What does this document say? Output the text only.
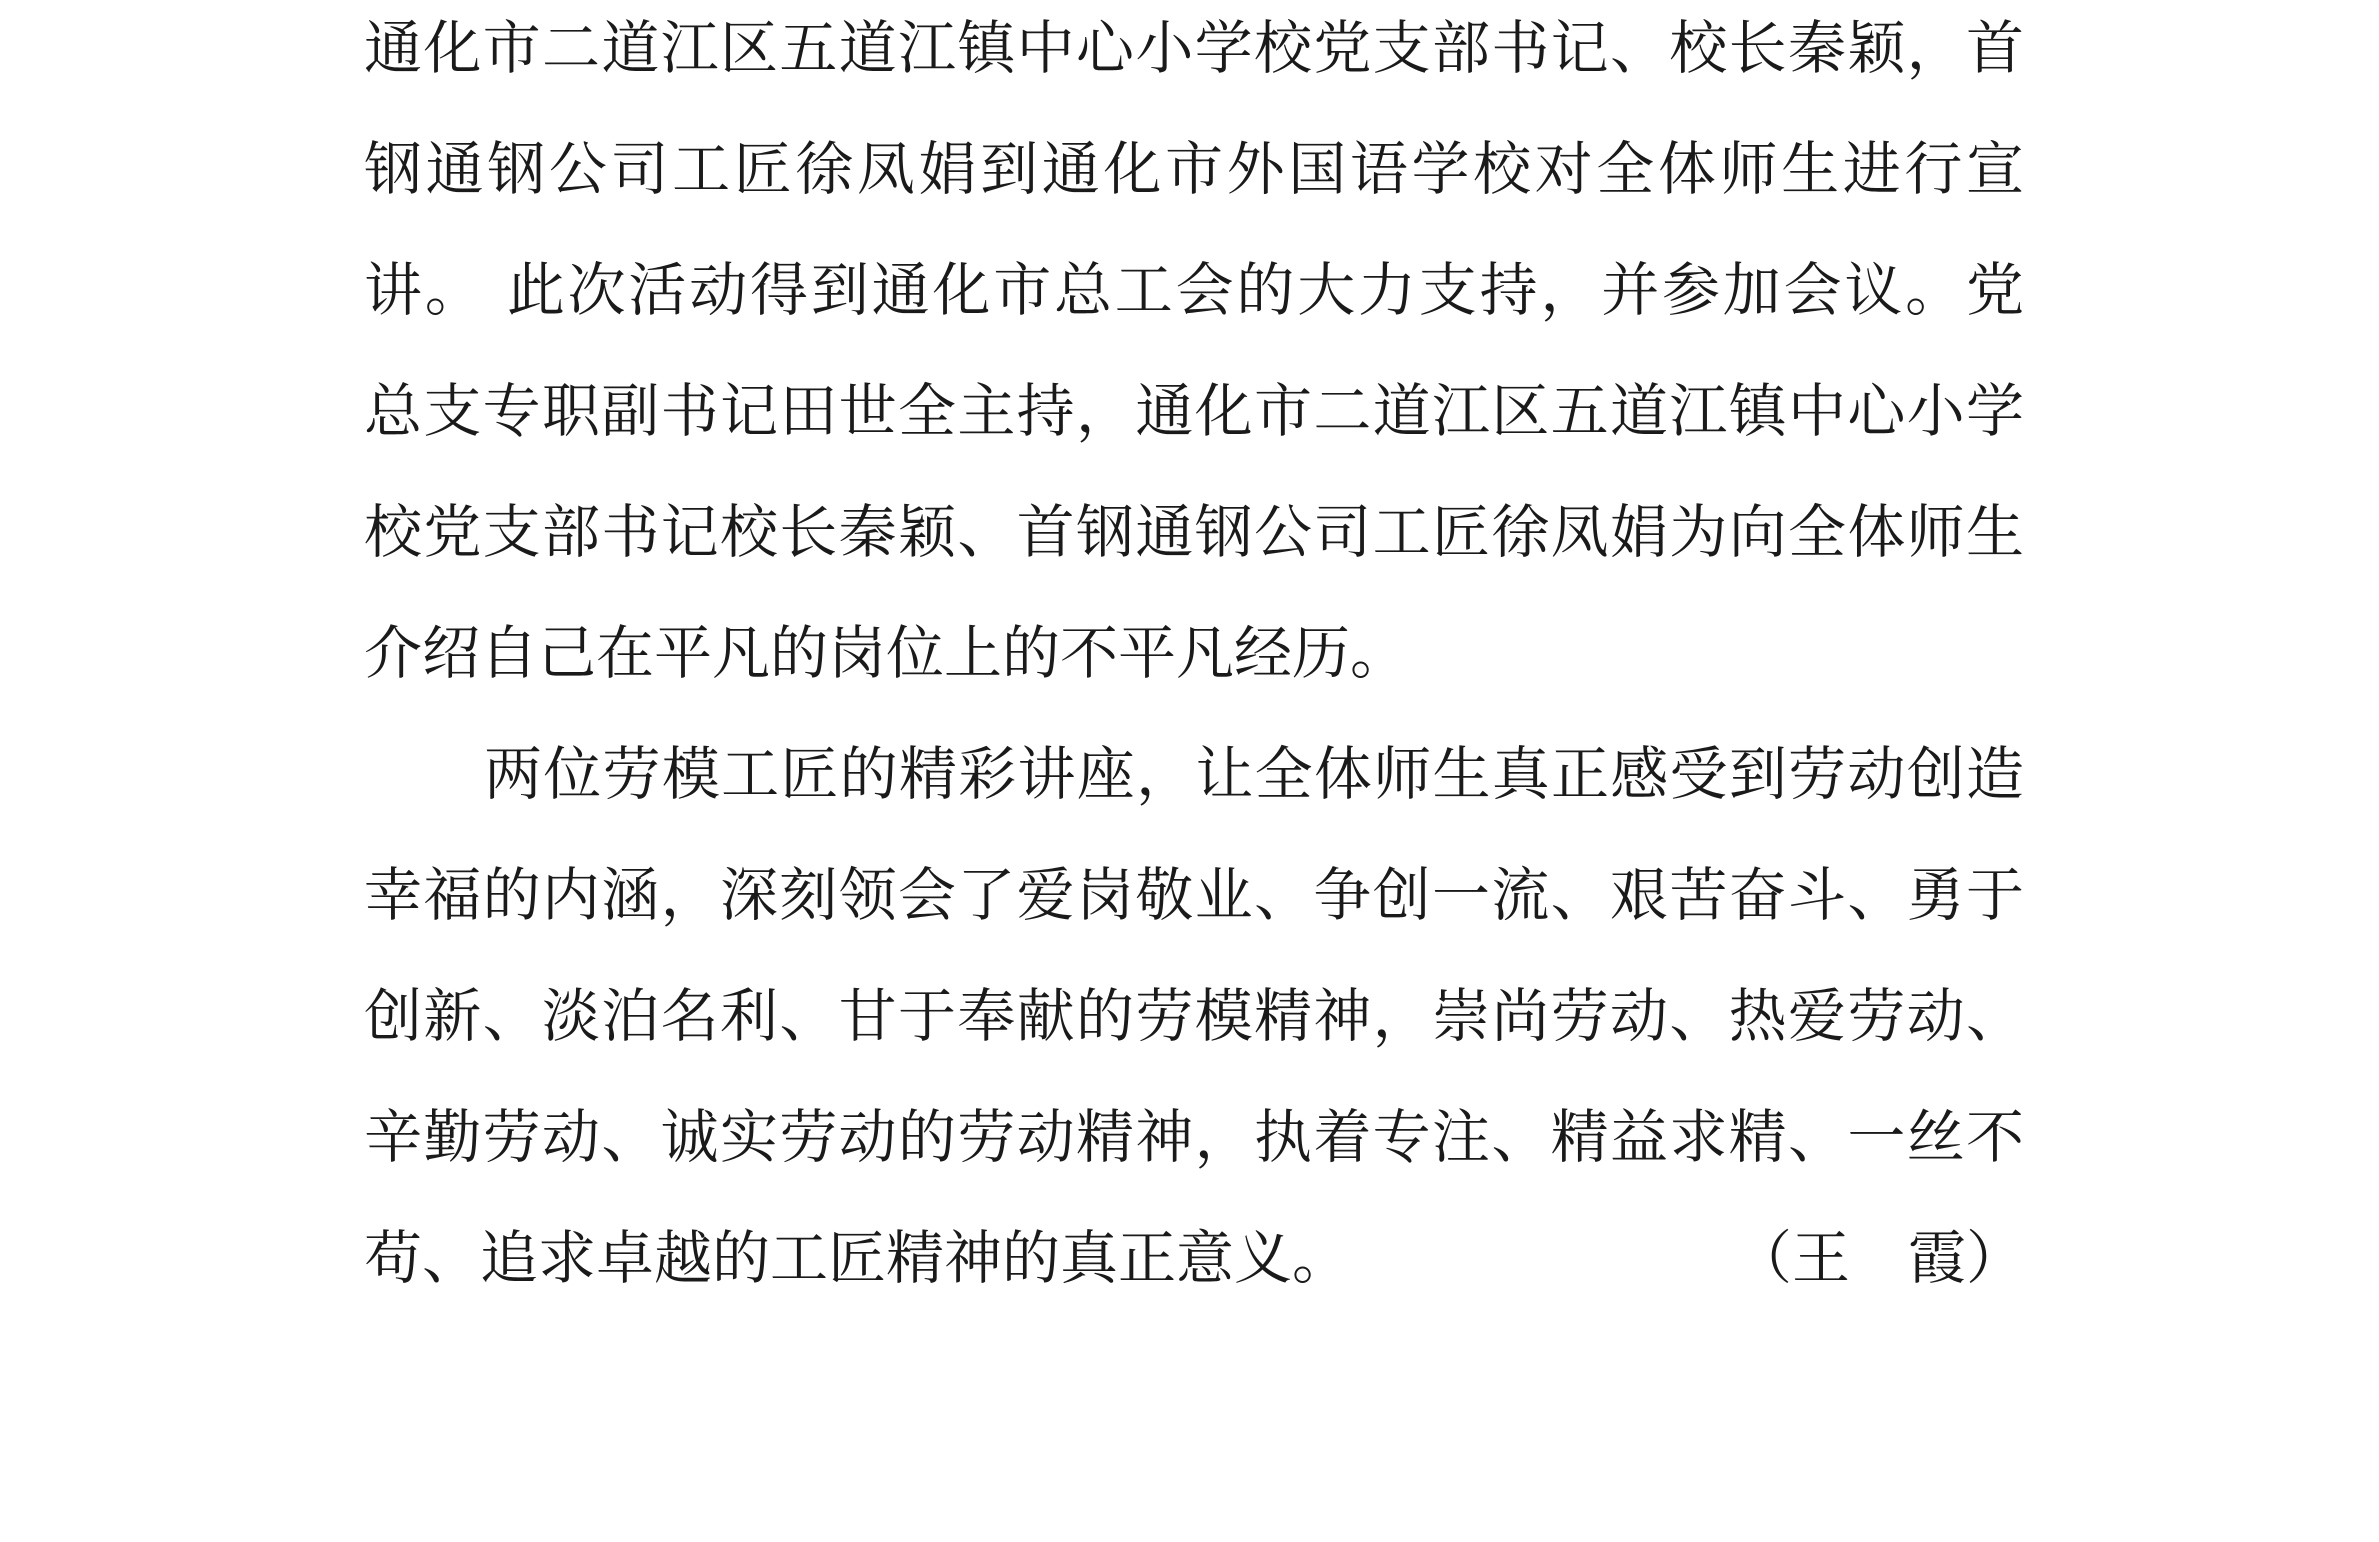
通化市二道江区五道江镇中心小学校党支部书记、校长秦颖，首
钢通钢公司工匠徐凤娟到通化市外国语学校对全体师生进行宣
讲。 此次活动得到通化市总工会的大力支持，并参加会议。党
总支专职副书记田世全主持，通化市二道江区五道江镇中心小学
校党支部书记校长秦颖、首钢通钢公司工匠徐凤娟为向全体师生
介绍自己在平凡的岗位上的不平凡经历。
两位劳模工匠的精彩讲座，让全体师生真正感受到劳动创造
幸福的内涵，深刻领会了爱岗敬业、争创一流、艰苦奋斗、勇于
创新、淡泊名利、甘于奉献的劳模精神，崇尚劳动、热爱劳动、
辛勤劳动、诚实劳动的劳动精神，执着专注、精益求精、一丝不
苟、追求卓越的工匠精神的真正意义。	（王　霞）
